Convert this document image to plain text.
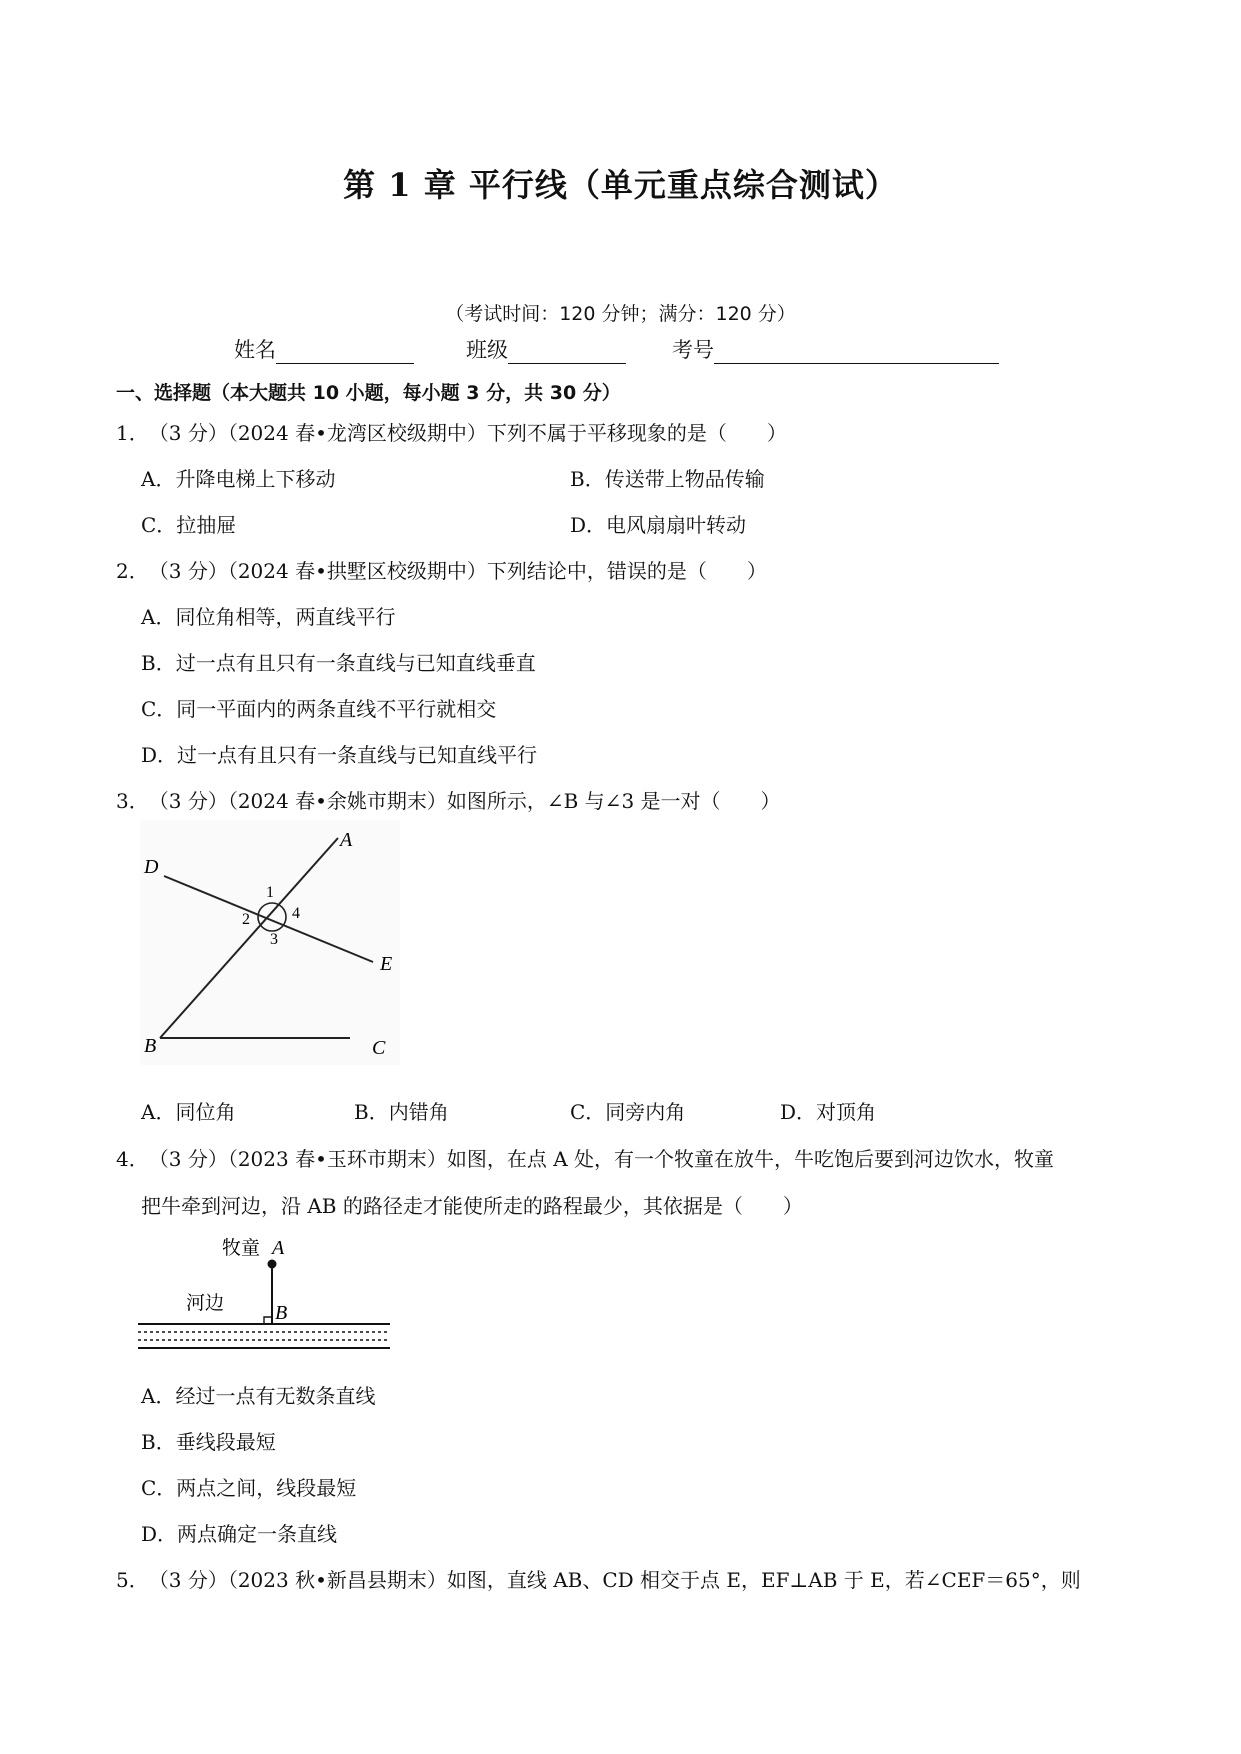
第 1 章 平行线（单元重点综合测试）
（考试时间：120 分钟；满分：120 分）
姓名	班级	考号
一、选择题（本大题共 10 小题，每小题 3 分，共 30 分）
1．（3 分）（2024 春•龙湾区校级期中）下列不属于平移现象的是（　　）
A．升降电梯上下移动	B．传送带上物品传输
C．拉抽屉	D．电风扇扇叶转动
2．（3 分）（2024 春•拱墅区校级期中）下列结论中，错误的是（　　）
A．同位角相等，两直线平行
B．过一点有且只有一条直线与已知直线垂直
C．同一平面内的两条直线不平行就相交
D．过一点有且只有一条直线与已知直线平行
3．（3 分）（2024 春•余姚市期末）如图所示，∠B 与∠3 是一对（　　）
D
A
E
B	C
1
2
3
4
A．同位角	B．内错角	C．同旁内角	D．对顶角
4．（3 分）（2023 春•玉环市期末）如图，在点 A 处，有一个牧童在放牛，牛吃饱后要到河边饮水，牧童
把牛牵到河边，沿 AB 的路径走才能使所走的路程最少，其依据是（　　）
牧童 A
河边	B
A．经过一点有无数条直线
B．垂线段最短
C．两点之间，线段最短
D．两点确定一条直线
5．（3 分）（2023 秋•新昌县期末）如图，直线 AB、CD 相交于点 E，EF⊥AB 于 E，若∠CEF＝65°，则
